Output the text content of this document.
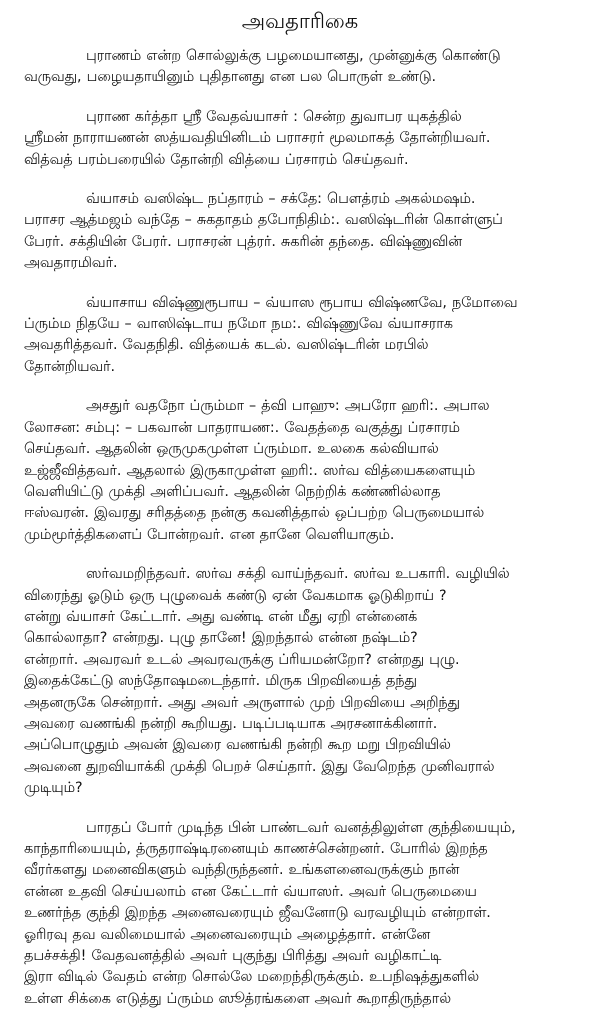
அவதாரிகை

புராணம் என்ற சொல்லுக்கு பழமையானது, முன்னுக்கு கொண்டு
வருவது, பழையதாயினும் புதிதானது என பல பொருள் உண்டு.

புராண கர்த்தா ஸ்ரீ வேதவ்யாசர் : சென்ற துவாபர யுகத்தில்
ஸ்ரீமன் நாராயணன் ஸத்யவதியினிடம் பராசரர் மூலமாகத் தோன்றியவர்.
வித்வத் பரம்பரையில் தோன்றி வித்யை ப்ரசாரம் செய்தவர்.

வ்யாசம் வஸிஷ்ட நப்தாரம் – சக்தே: பௌத்ரம் அகல்மஷம்.
பராசர ஆத்மஜம் வந்தே – சுகதாதம் தபோநிதிம்:. வஸிஷ்டரின் கொள்ளுப்
பேரர். சக்தியின் பேரர். பராசரன் புத்ரர். சுகரின் தந்தை. விஷ்ணுவின்
அவதாரமிவர்.

வ்யாசாய விஷ்ணுரூபாய – வ்யாஸ ரூபாய விஷ்ணவே, நமோவை
ப்ரும்ம நிதயே – வாஸிஷ்டாய நமோ நம:. விஷ்ணுவே வ்யாசராக
அவதரித்தவர். வேதநிதி. வித்யைக் கடல். வஸிஷ்டரின் மரபில்
தோன்றியவர்.

அசதுர் வதநோ ப்ரும்மா – த்வி பாஹு: அபரோ ஹரி:. அபால
லோசன: சம்பு: – பகவான் பாதராயண:. வேதத்தை வகுத்து ப்ரசாரம்
செய்தவர். ஆதலின் ஒருமுகமுள்ள ப்ரும்மா. உலகை கல்வியால்
உஜ்ஜீவித்தவர். ஆதலால் இருகாமுள்ள ஹரி:. ஸர்வ வித்யைகளையும்
வெளியிட்டு முக்தி அளிப்பவர். ஆதலின் நெற்றிக் கண்ணில்லாத
ஈஸ்வரன். இவரது சரிதத்தை நன்கு கவனித்தால் ஒப்பற்ற பெருமையால்
மும்மூர்த்திகளைப் போன்றவர். என தானே வெளியாகும்.

ஸர்வமறிந்தவர். ஸர்வ சக்தி வாய்ந்தவர். ஸர்வ உபகாரி. வழியில்
விரைந்து ஓடும் ஒரு புழுவைக் கண்டு ஏன் வேகமாக ஓடுகிறாய் ?
என்று வ்யாசர் கேட்டார். அது வண்டி என் மீது ஏறி என்னைக்
கொல்லாதா? என்றது. புழு தானே! இறந்தால் என்ன நஷ்டம்?
என்றார். அவரவர் உடல் அவரவருக்கு ப்ரியமன்றோ? என்றது புழு.
இதைக்கேட்டு ஸந்தோஷமடைந்தார். மிருக பிறவியைத் தந்து
அதனருகே சென்றார். அது அவர் அருளால் முற் பிறவியை அறிந்து
அவரை வணங்கி நன்றி கூறியது. படிப்படியாக அரசனாக்கினார்.
அப்பொழுதும் அவன் இவரை வணங்கி நன்றி கூற மறு பிறவியில்
அவனை துறவியாக்கி முக்தி பெறச் செய்தார். இது வேறெந்த முனிவரால்
முடியும்?

பாரதப் போர் முடிந்த பின் பாண்டவர் வனத்திலுள்ள குந்தியையும்,
காந்தாரியையும், த்ருதராஷ்டிரனையும் காணச்சென்றனர். போரில் இறந்த
வீரர்களது மனைவிகளும் வந்திருந்தனர். உங்களனைவருக்கும் நான்
என்ன உதவி செய்யலாம் என கேட்டார் வ்யாஸர். அவர் பெருமையை
உணர்ந்த குந்தி இறந்த அனைவரையும் ஜீவனோடு வரவழியும் என்றாள்.
ஓரிரவு தவ வலிமையால் அனைவரையும் அழைத்தார். என்னே
தபச்சக்தி! வேதவனத்தில் அவர் புகுந்து பிரித்து அவர் வழிகாட்டி
இரா விடில் வேதம் என்ற சொல்லே மறைந்திருக்கும். உபநிஷத்துகளில்
உள்ள சிக்கை எடுத்து ப்ரும்ம ஸூத்ரங்களை அவர் கூறாதிருந்தால்
